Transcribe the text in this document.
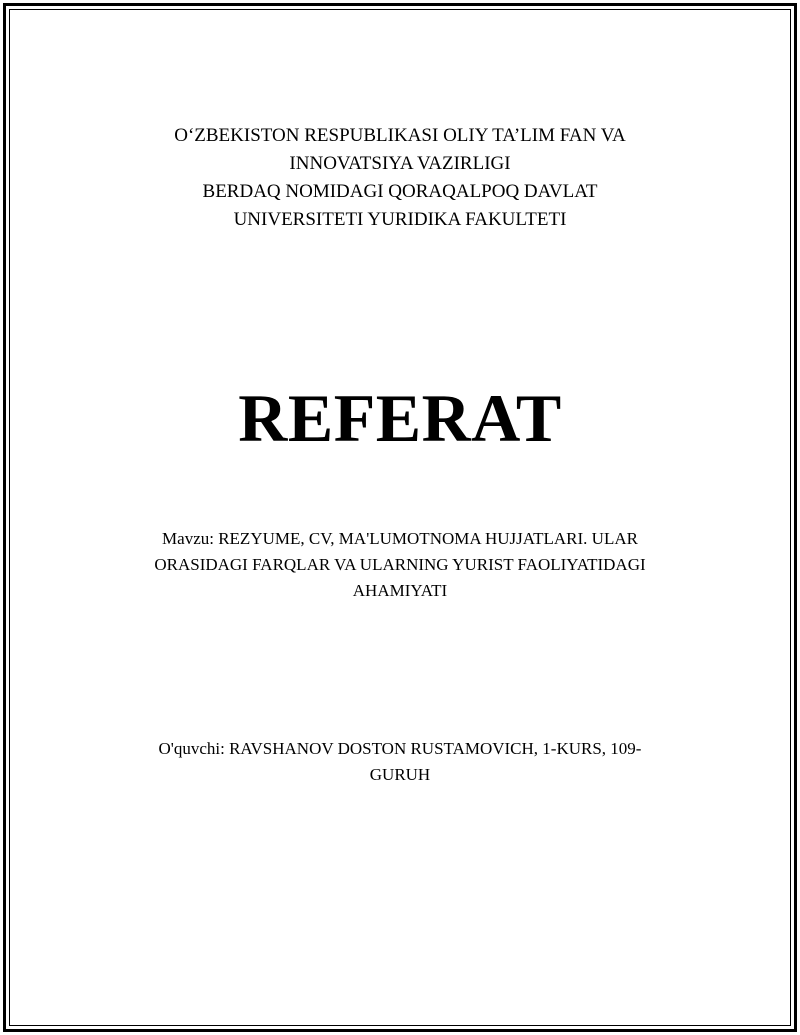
O‘ZBEKISTON RESPUBLIKASI OLIY TA’LIM FAN VA
INNOVATSIYA VAZIRLIGI
BERDAQ NOMIDAGI QORAQALPOQ DAVLAT
UNIVERSITETI YURIDIKA FAKULTETI
REFERAT
Mavzu: REZYUME, CV, MA'LUMOTNOMA HUJJATLARI. ULAR
ORASIDAGI FARQLAR VA ULARNING YURIST FAOLIYATIDAGI
AHAMIYATI
O'quvchi: RAVSHANOV DOSTON RUSTAMOVICH, 1-KURS, 109-
GURUH
